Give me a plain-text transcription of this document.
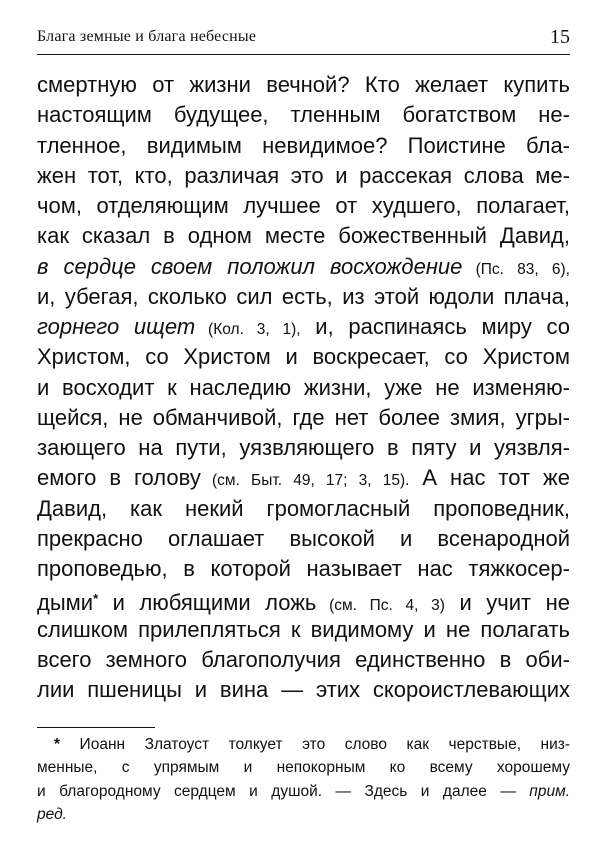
Блага земные и блага небесные	15
смертную от жизни вечной? Кто желает купить
настоящим будущее, тленным богатством не-
тленное, видимым невидимое? Поистине бла-
жен тот, кто, различая это и рассекая слова ме-
чом, отделяющим лучшее от худшего, полагает,
как сказал в одном месте божественный Давид,
в сердце своем положил восхождение (Пс. 83, 6),
и, убегая, сколько сил есть, из этой юдоли плача,
горнего ищет (Кол. 3, 1), и, распинаясь миру со
Христом, со Христом и воскресает, со Христом
и восходит к наследию жизни, уже не изменяю-
щейся, не обманчивой, где нет более змия, угры-
зающего на пути, уязвляющего в пяту и уязвля-
емого в голову (см. Быт. 49, 17; 3, 15). А нас тот же
Давид, как некий громогласный проповедник,
прекрасно оглашает высокой и всенародной
проповедью, в которой называет нас тяжкосер-
дыми* и любящими ложь (см. Пс. 4, 3) и учит не
слишком прилепляться к видимому и не полагать
всего земного благополучия единственно в оби-
лии пшеницы и вина — этих скороистлевающих
* Иоанн Златоуст толкует это слово как черствые, низ-
менные, с упрямым и непокорным ко всему хорошему
и благородному сердцем и душой. — Здесь и далее — прим.
ред.
